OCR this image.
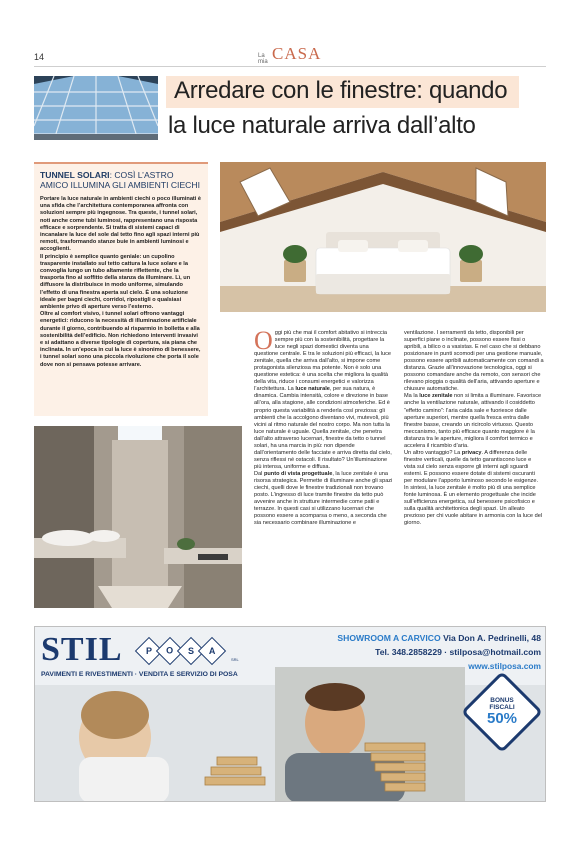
14	La mia CASA
Arredare con le finestre: quando
la luce naturale arriva dall’alto
TUNNEL SOLARI: COSÌ L’ASTRO AMICO ILLUMINA GLI AMBIENTI CIECHI

Portare la luce naturale in ambienti ciechi o poco illuminati è una sfida che l’architettura contemporanea affronta con soluzioni sempre più ingegnose. Tra queste, i tunnel solari, noti anche come tubi luminosi, rappresentano una risposta efficace e sorprendente. Si tratta di sistemi capaci di incanalare la luce del sole dal tetto fino agli spazi interni più remoti, trasformando stanze buie in ambienti luminosi e accoglienti.

Il principio è semplice quanto geniale: un cupolino trasparente installato sul tetto cattura la luce solare e la convoglia lungo un tubo altamente riflettente, che la trasporta fino al soffitto della stanza da illuminare. Lì, un diffusore la distribuisce in modo uniforme, simulando l’effetto di una finestra aperta sul cielo. È una soluzione ideale per bagni ciechi, corridoi, ripostigli o qualsiasi ambiente privo di aperture verso l’esterno.

Oltre al comfort visivo, i tunnel solari offrono vantaggi energetici: riducono la necessità di illuminazione artificiale durante il giorno, contribuendo al risparmio in bolletta e alla sostenibilità dell’edificio. Non richiedono interventi invasivi e si adattano a diverse tipologie di copertura, sia piana che inclinata. In un’epoca in cui la luce è sinonimo di benessere, i tunnel solari sono una piccola rivoluzione che porta il sole dove non si pensava potesse arrivare.

O ggi più che mai il comfort abitativo si intreccia sempre più con la sostenibilità, progettare la luce negli spazi domestici diventa una questione centrale. E tra le soluzioni più efficaci, la luce zenitale, quella che arriva dall’alto, si impone come protagonista silenziosa ma potente. Non è solo una questione estetica: è una scelta che migliora la qualità della vita, riduce i consumi energetici e valorizza l’architettura. La luce naturale, per sua natura, è dinamica. Cambia intensità, colore e direzione in base all’ora, alla stagione, alle condizioni atmosferiche. Ed è proprio questa variabilità a renderla così preziosa: gli ambienti che la accolgono diventano vivi, mutevoli, più vicini al ritmo naturale del nostro corpo. Ma non tutta la luce naturale è uguale. Quella zenitale, che penetra dall’alto attraverso lucernari, finestre da tetto o tunnel solari, ha una marcia in più: non dipende dall’orientamento delle facciate e arriva diretta dal cielo, senza riflessi né ostacoli. Il risultato? Un’illuminazione più intensa, uniforme e diffusa.

Dal punto di vista progettuale, la luce zenitale è una risorsa strategica. Permette di illuminare anche gli spazi ciechi, quelli dove le finestre tradizionali non trovano posto. L’ingresso di luce tramite finestre da tetto può avvenire anche in strutture intermedie come patii e terrazze. In questi casi si utilizzano lucernari che possono essere a scomparsa o meno, a seconda che sia necessario combinare illuminazione e

ventilazione. I serramenti da tetto, disponibili per superfici piane o inclinate, possono essere fissi o apribili, a bilico o a vasistas. E nel caso che si debbano posizionare in punti scomodi per una gestione manuale, possono essere apribili automaticamente con comandi a distanza. Grazie all’innovazione tecnologica, oggi si possono comandare anche da remoto, con sensori che rilevano pioggia o qualità dell’aria, attivando aperture e chiusure automatiche.

Ma la luce zenitale non si limita a illuminare. Favorisce anche la ventilazione naturale, attivando il cosiddetto “effetto camino”: l’aria calda sale e fuoriesce dalle aperture superiori, mentre quella fresca entra dalle finestre basse, creando un ricircolo virtuoso. Questo meccanismo, tanto più efficace quanto maggiore è la distanza tra le aperture, migliora il comfort termico e accelera il ricambio d’aria.

Un altro vantaggio? La privacy. A differenza delle finestre verticali, quelle da tetto garantiscono luce e vista sul cielo senza esporre gli interni agli sguardi esterni. E possono essere dotate di sistemi oscuranti per modulare l’apporto luminoso secondo le esigenze.

In sintesi, la luce zenitale è molto più di una semplice fonte luminosa. È un elemento progettuale che incide sull’efficienza energetica, sul benessere psicofisico e sulla qualità architettonica degli spazi. Un alleato prezioso per chi vuole abitare in armonia con la luce del giorno.

STIL	P O S A
SRL
PAVIMENTI E RIVESTIMENTI · VENDITA E SERVIZIO DI POSA
SHOWROOM A CARVICO Via Don A. Pedrinelli, 48
Tel. 348.2858229 · stilposa@hotmail.com
www.stilposa.com
BONUS
FISCALI
50%
